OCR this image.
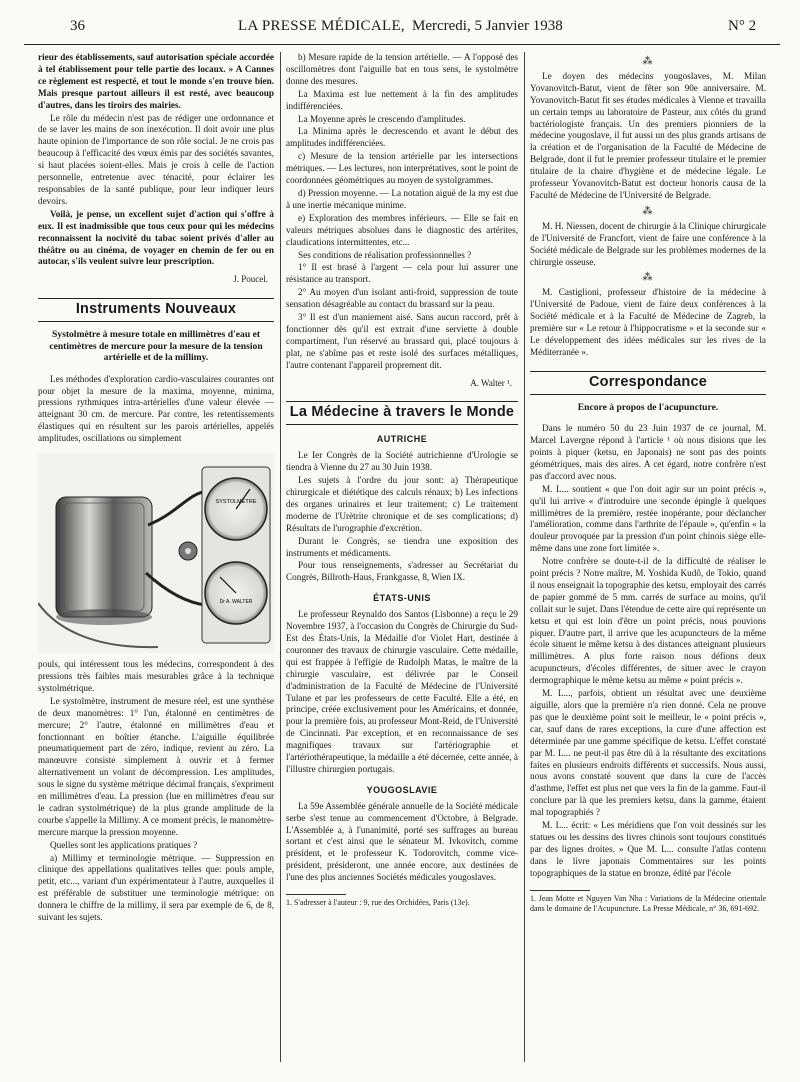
36	LA PRESSE MÉDICALE, Mercredi, 5 Janvier 1938	N° 2

rieur des établissements, sauf autorisation spéciale accordée à tel établissement pour telle partie des locaux. » A Cannes ce règlement est respecté, et tout le monde s'en trouve bien. Mais presque partout ailleurs il est resté, avec beaucoup d'autres, dans les tiroirs des mairies.

Le rôle du médecin n'est pas de rédiger une ordonnance et de se laver les mains de son inexécution. Il doit avoir une plus haute opinion de l'importance de son rôle social. Je ne crois pas beaucoup à l'efficacité des vœux émis par des sociétés savantes, si haut placées soient-elles. Mais je crois à celle de l'action personnelle, entretenue avec ténacité, pour éclairer les responsables de la santé publique, pour leur indiquer leurs devoirs.

Voilà, je pense, un excellent sujet d'action qui s'offre à eux. Il est inadmissible que tous ceux pour qui les médecins reconnaissent la nocivité du tabac soient privés d'aller au théâtre ou au cinéma, de voyager en chemin de fer ou en autocar, s'ils veulent suivre leur prescription.

J. Poucel.
Instruments Nouveaux
Systolmètre à mesure totale en millimètres d'eau et centimètres de mercure pour la mesure de la tension artérielle et de la millimy.

Les méthodes d'exploration cardio-vasculaires courantes ont pour objet la mesure de la maxima, moyenne, minima, pressions rythmiques intra-artérielles d'une valeur élevée — atteignant 30 cm. de mercure. Par contre, les retentissements élastiques qui en résultent sur les parois artérielles, appelés amplitudes, oscillations ou simplement

SYSTOLMÈTRE
Dr A. WALTER

pouls, qui intéressent tous les médecins, correspondent à des pressions très faibles mais mesurables grâce à la technique systolmétrique.

Le systolmètre, instrument de mesure réel, est une synthèse de deux manomètres: 1° l'un, étalonné en centimètres de mercure; 2° l'autre, étalonné en millimètres d'eau et fonctionnant en boîtier étanche. L'aiguille équilibrée pneumatiquement part de zéro, indique, revient au zéro. La manœuvre consiste simplement à ouvrir et à fermer alternativement un volant de décompression. Les amplitudes, sous le signe du système métrique décimal français, s'expriment en millimètres d'eau. La pression (lue en millimètres d'eau sur le cadran systolmétrique) de la plus grande amplitude de la courbe s'appelle la Millimy. A ce moment précis, le manomètre-mercure marque la pression moyenne.

Quelles sont les applications pratiques ?

a) Millimy et terminologie métrique. — Suppression en clinique des appellations qualitatives telles que: pouls ample, petit, etc..., variant d'un expérimentateur à l'autre, auxquelles il est préférable de substituer une terminologie métrique: on donnera le chiffre de la millimy, il sera par exemple de 6, de 8, suivant les sujets.

b) Mesure rapide de la tension artérielle. — A l'opposé des oscillomètres dont l'aiguille bat en tous sens, le systolmètre donne des mesures.

La Maxima est lue nettement à la fin des amplitudes indifférenciées.

La Moyenne après le crescendo d'amplitudes.

La Minima après le decrescendo et avant le début des amplitudes indifférenciées.

c) Mesure de la tension artérielle par les intersections métriques. — Les lectures, non interprétatives, sont le point de coordonnées géométriques au moyen de systolgrammes.

d) Pression moyenne. — La notation aiguë de la my est due à une inertie mécanique minime.

e) Exploration des membres inférieurs. — Elle se fait en valeurs métriques absolues dans le diagnostic des artérites, claudications intermittentes, etc...

Ses conditions de réalisation professionnelles ?

1° Il est brasé à l'argent — cela pour lui assurer une résistance au transport.

2° Au moyen d'un isolant anti-froid, suppression de toute sensation désagréable au contact du brassard sur la peau.

3° Il est d'un maniement aisé. Sans aucun raccord, prêt à fonctionner dès qu'il est extrait d'une serviette à double compartiment, l'un réservé au brassard qui, placé toujours à plat, ne s'abîme pas et reste isolé des surfaces métalliques, l'autre contenant l'appareil proprement dit.

A. Walter ¹.
La Médecine à travers le Monde
AUTRICHE

Le Ier Congrès de la Société autrichienne d'Urologie se tiendra à Vienne du 27 au 30 Juin 1938.

Les sujets à l'ordre du jour sont: a) Thérapeutique chirurgicale et diététique des calculs rénaux; b) Les infections des organes urinaires et leur traitement; c) Le traitement moderne de l'Urètrite chronique et de ses complications; d) Résultats de l'urographie d'excrétion.

Durant le Congrès, se tiendra une exposition des instruments et médicaments.

Pour tous renseignements, s'adresser au Secrétariat du Congrès, Billroth-Haus, Frankgasse, 8, Wien IX.

ÉTATS-UNIS

Le professeur Reynaldo dos Santos (Lisbonne) a reçu le 29 Novembre 1937, à l'occasion du Congrès de Chirurgie du Sud-Est des États-Unis, la Médaille d'or Violet Hart, destinée à couronner des travaux de chirurgie vasculaire. Cette médaille, qui est frappée à l'effigie de Rudolph Matas, le maître de la chirurgie vasculaire, est délivrée par le Conseil d'administration de la Faculté de Médecine de l'Université Tulane et par les professeurs de cette Faculté. Elle a été, en principe, créée exclusivement pour les Américains, et donnée, pour la première fois, au professeur Mont-Reid, de l'Université de Cincinnati. Par exception, et en reconnaissance de ses magnifiques travaux sur l'artériographie et l'artériothérapeutique, la médaille a été décernée, cette année, à l'illustre chirurgien portugais.

YOUGOSLAVIE

La 59e Assemblée générale annuelle de la Société médicale serbe s'est tenue au commencement d'Octobre, à Belgrade. L'Assemblée a, à l'unanimité, porté ses suffrages au bureau sortant et c'est ainsi que le sénateur M. Ivkovitch, comme président, et le professeur K. Todorovitch, comme vice-président, présideront, une année encore, aux destinées de l'une des plus anciennes Sociétés médicales yougoslaves.

1. S'adresser à l'auteur : 9, rue des Orchidées, Paris (13e).

⁂

Le doyen des médecins yougoslaves, M. Milan Yovanovitch-Batut, vient de fêter son 90e anniversaire. M. Yovanovitch-Batut fit ses études médicales à Vienne et travailla un certain temps au laboratoire de Pasteur, aux côtés du grand bactériologiste français. Un des premiers pionniers de la médecine yougoslave, il fut aussi un des plus grands artisans de la création et de l'organisation de la Faculté de Médecine de Belgrade, dont il fut le premier professeur titulaire et le premier titulaire de la chaire d'hygiène et de médecine légale. Le professeur Yovanovitch-Batut est docteur honoris causa de la Faculté de Médecine de l'Université de Belgrade.

⁂

M. H. Niessen, docent de chirurgie à la Clinique chirurgicale de l'Université de Francfort, vient de faire une conférence à la Société médicale de Belgrade sur les problèmes modernes de la chirurgie osseuse.

⁂

M. Castiglioni, professeur d'histoire de la médecine à l'Université de Padoue, vient de faire deux conférences à la Société médicale et à la Faculté de Médecine de Zagreb, la première sur « Le retour à l'hippocratisme » et la seconde sur « Le développement des idées médicales sur les rives de la Méditerranée ».

Correspondance
Encore à propos de l'acupuncture.

Dans le numéro 50 du 23 Juin 1937 de ce journal, M. Marcel Lavergne répond à l'article ¹ où nous disions que les points à piquer (ketsu, en Japonais) ne sont pas des points géométriques, mais des aires. A cet égard, notre confrère n'est pas d'accord avec nous.

M. L... soutient « que l'on doit agir sur un point précis », qu'il lui arrive « d'introduire une seconde épingle à quelques millimètres de la première, restée inopérante, pour déclancher l'amélioration, comme dans l'arthrite de l'épaule », qu'enfin « la douleur provoquée par la pression d'un point chinois siège elle-même dans une zone fort limitée ».

Notre confrère se doute-t-il de la difficulté de réaliser le point précis ? Notre maître, M. Yoshida Kudô, de Tokio, quand il nous enseignait la topographie des ketsu, employait des carrés de papier gommé de 5 mm. carrés de surface au moins, qu'il collait sur le sujet. Dans l'étendue de cette aire qui représente un ketsu et qui est loin d'être un point précis, nous pouvions piquer. D'autre part, il arrive que les acupuncteurs de la même école situent le même ketsu à des distances atteignant plusieurs millimètres. A plus forte raison nous défions deux acupuncteurs, d'écoles différentes, de situer avec le crayon dermographique le même ketsu au même « point précis ».

M. L..., parfois, obtient un résultat avec une deuxième aiguille, alors que la première n'a rien donné. Cela ne prouve pas que le deuxième point soit le meilleur, le « point précis », car, sauf dans de rares exceptions, la cure d'une affection est déterminée par une gamme spécifique de ketsu. L'effet constaté par M. L... ne peut-il pas être dû à la résultante des excitations faites en plusieurs endroits différents et successifs. Nous aussi, nous avons constaté souvent que dans la cure de l'accès d'asthme, l'effet est plus net que vers la fin de la gamme. Faut-il conclure par là que les premiers ketsu, dans la gamme, étaient mal topographiés ?

M. L... écrit: « Les méridiens que l'on voit dessinés sur les statues ou les dessins des livres chinois sont toujours constitués par des lignes droites. » Que M. L... consulte l'atlas contenu dans le livre japonais Commentaires sur les points topographiques de la statue en bronze, édité par l'école

1. Jean Motte et Nguyen Van Nha : Variations de la Médecine orientale dans le domaine de l'Acupuncture. La Presse Médicale, n° 36, 691-692.
